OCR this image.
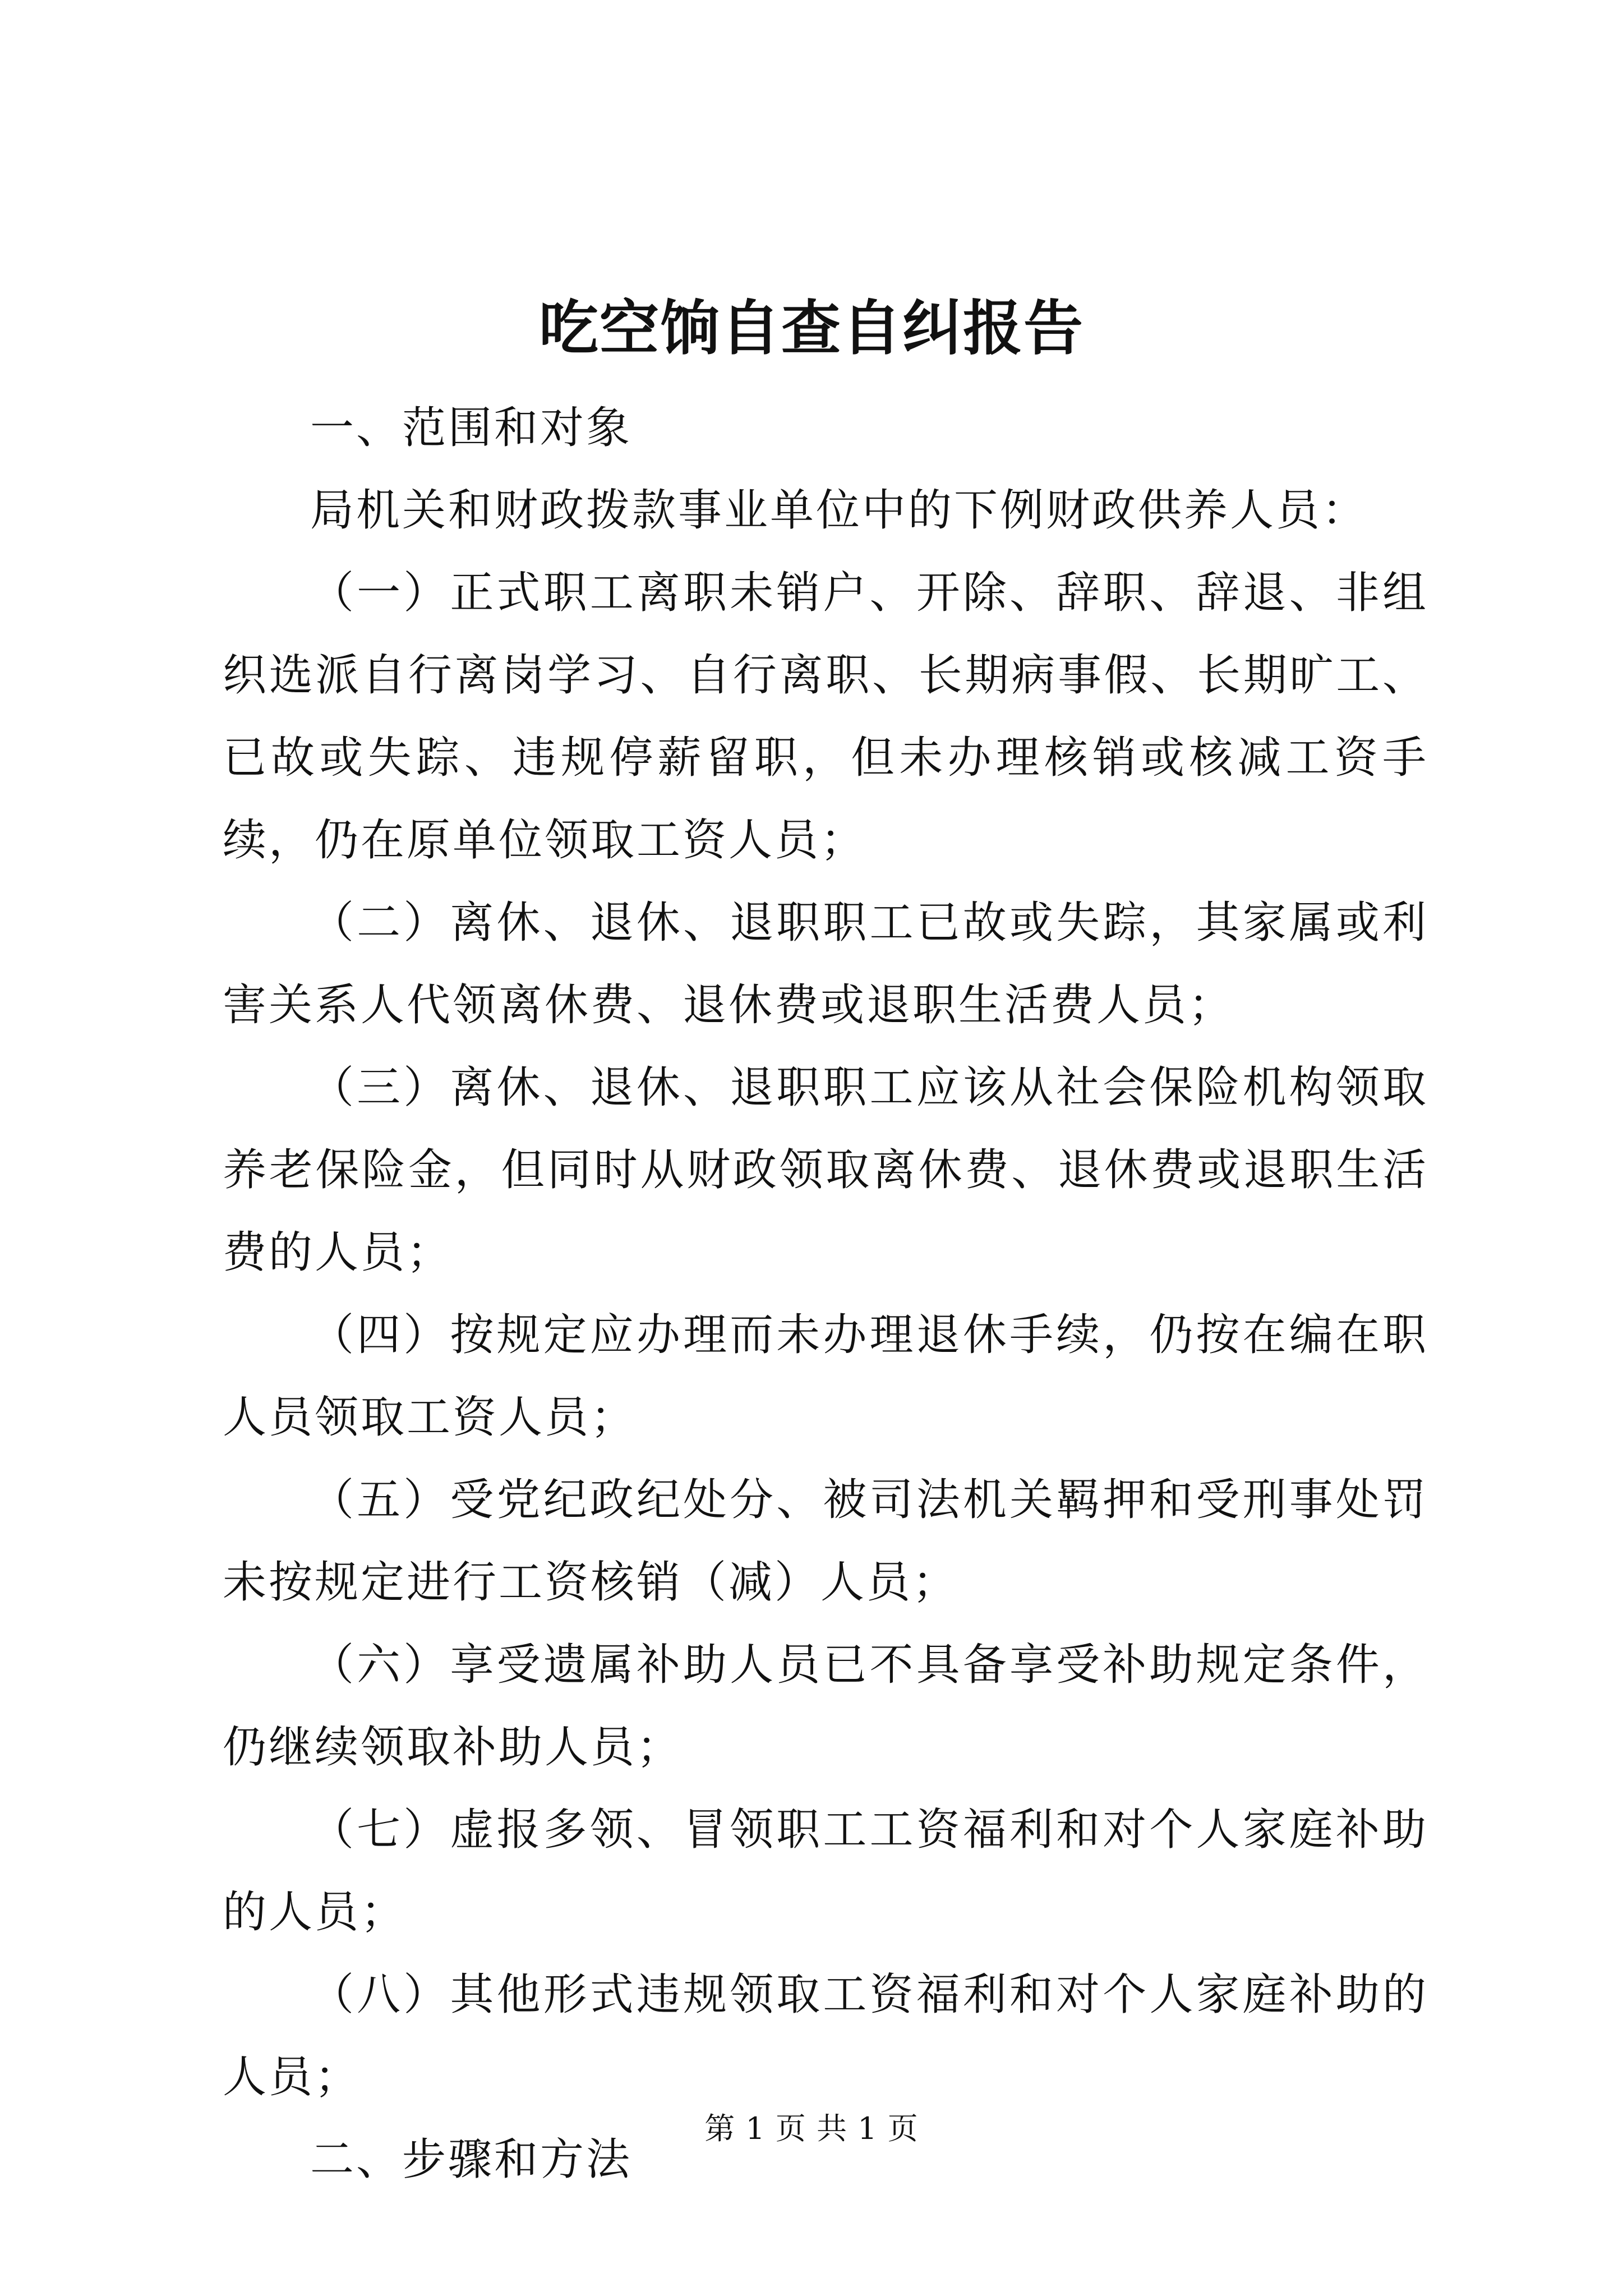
吃空饷自查自纠报告

一、范围和对象

局机关和财政拨款事业单位中的下例财政供养人员：

（一）正式职工离职未销户、开除、辞职、辞退、非组织选派自行离岗学习、自行离职、长期病事假、长期旷工、已故或失踪、违规停薪留职，但未办理核销或核减工资手续，仍在原单位领取工资人员；

（二）离休、退休、退职职工已故或失踪，其家属或利害关系人代领离休费、退休费或退职生活费人员；

（三）离休、退休、退职职工应该从社会保险机构领取养老保险金，但同时从财政领取离休费、退休费或退职生活费的人员；

（四）按规定应办理而未办理退休手续，仍按在编在职人员领取工资人员；

（五）受党纪政纪处分、被司法机关羁押和受刑事处罚未按规定进行工资核销（减）人员；

（六）享受遗属补助人员已不具备享受补助规定条件，仍继续领取补助人员；

（七）虚报多领、冒领职工工资福利和对个人家庭补助的人员；

（八）其他形式违规领取工资福利和对个人家庭补助的人员；

二、步骤和方法

第 1 页 共 1 页
